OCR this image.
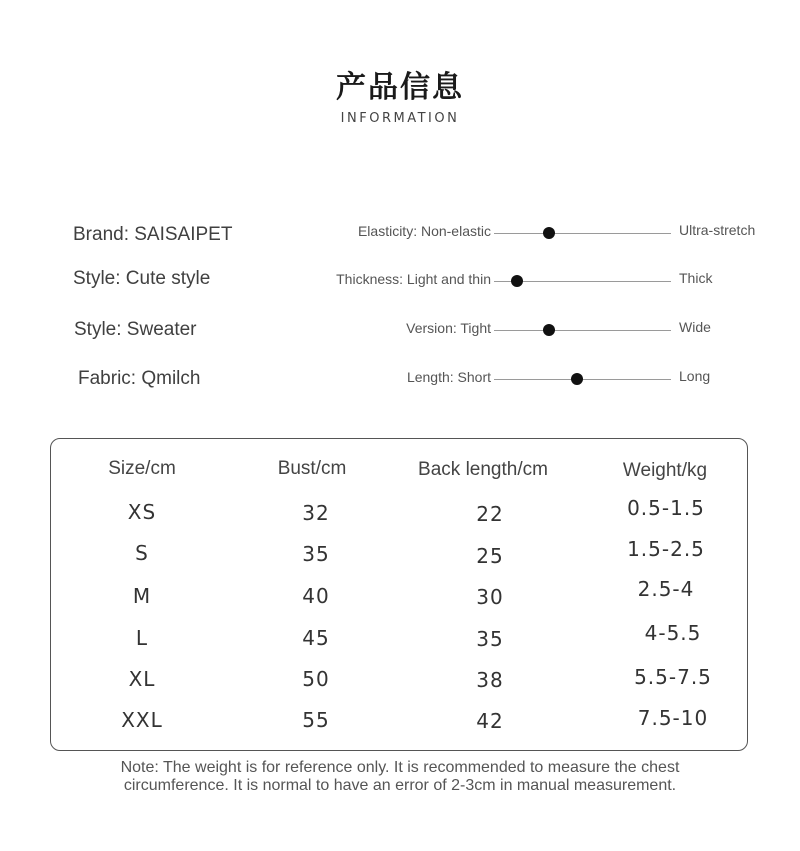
产品信息
INFORMATION
Brand: SAISAIPET
Style: Cute style
Style: Sweater
Fabric: Qmilch
Elasticity: Non-elastic	Ultra-stretch
Thickness: Light and thin	Thick
Version: Tight	Wide
Length: Short	Long
Size/cm	Bust/cm	Back length/cm	Weight/kg
XS	32	22	0.5-1.5
S	35	25	1.5-2.5
M	40	30	2.5-4
L	45	35	4-5.5
XL	50	38	5.5-7.5
XXL	55	42	7.5-10
Note: The weight is for reference only. It is recommended to measure the chest
circumference. It is normal to have an error of 2-3cm in manual measurement.
